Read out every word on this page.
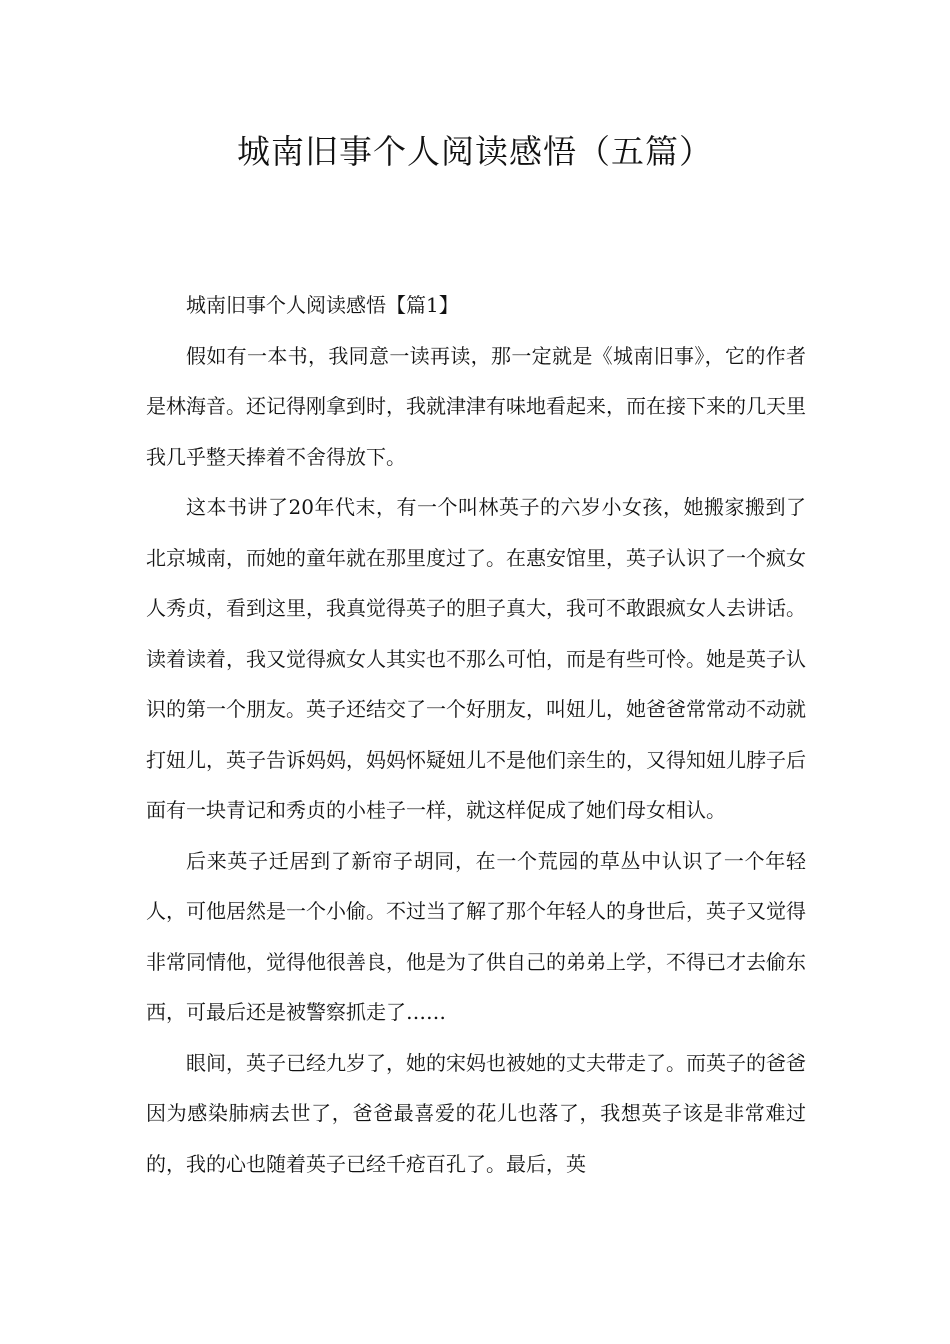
城南旧事个人阅读感悟（五篇）

城南旧事个人阅读感悟【篇1】

假如有一本书，我同意一读再读，那一定就是《城南旧事》，它的作者是林海音。还记得刚拿到时，我就津津有味地看起来，而在接下来的几天里我几乎整天捧着不舍得放下。

这本书讲了20年代末，有一个叫林英子的六岁小女孩，她搬家搬到了北京城南，而她的童年就在那里度过了。在惠安馆里，英子认识了一个疯女人秀贞，看到这里，我真觉得英子的胆子真大，我可不敢跟疯女人去讲话。读着读着，我又觉得疯女人其实也不那么可怕，而是有些可怜。她是英子认识的第一个朋友。英子还结交了一个好朋友，叫妞儿，她爸爸常常动不动就打妞儿，英子告诉妈妈，妈妈怀疑妞儿不是他们亲生的，又得知妞儿脖子后面有一块青记和秀贞的小桂子一样，就这样促成了她们母女相认。

后来英子迁居到了新帘子胡同，在一个荒园的草丛中认识了一个年轻人，可他居然是一个小偷。不过当了解了那个年轻人的身世后，英子又觉得非常同情他，觉得他很善良，他是为了供自己的弟弟上学，不得已才去偷东西，可最后还是被警察抓走了……

眼间，英子已经九岁了，她的宋妈也被她的丈夫带走了。而英子的爸爸因为感染肺病去世了，爸爸最喜爱的花儿也落了，我想英子该是非常难过的，我的心也随着英子已经千疮百孔了。最后，英
